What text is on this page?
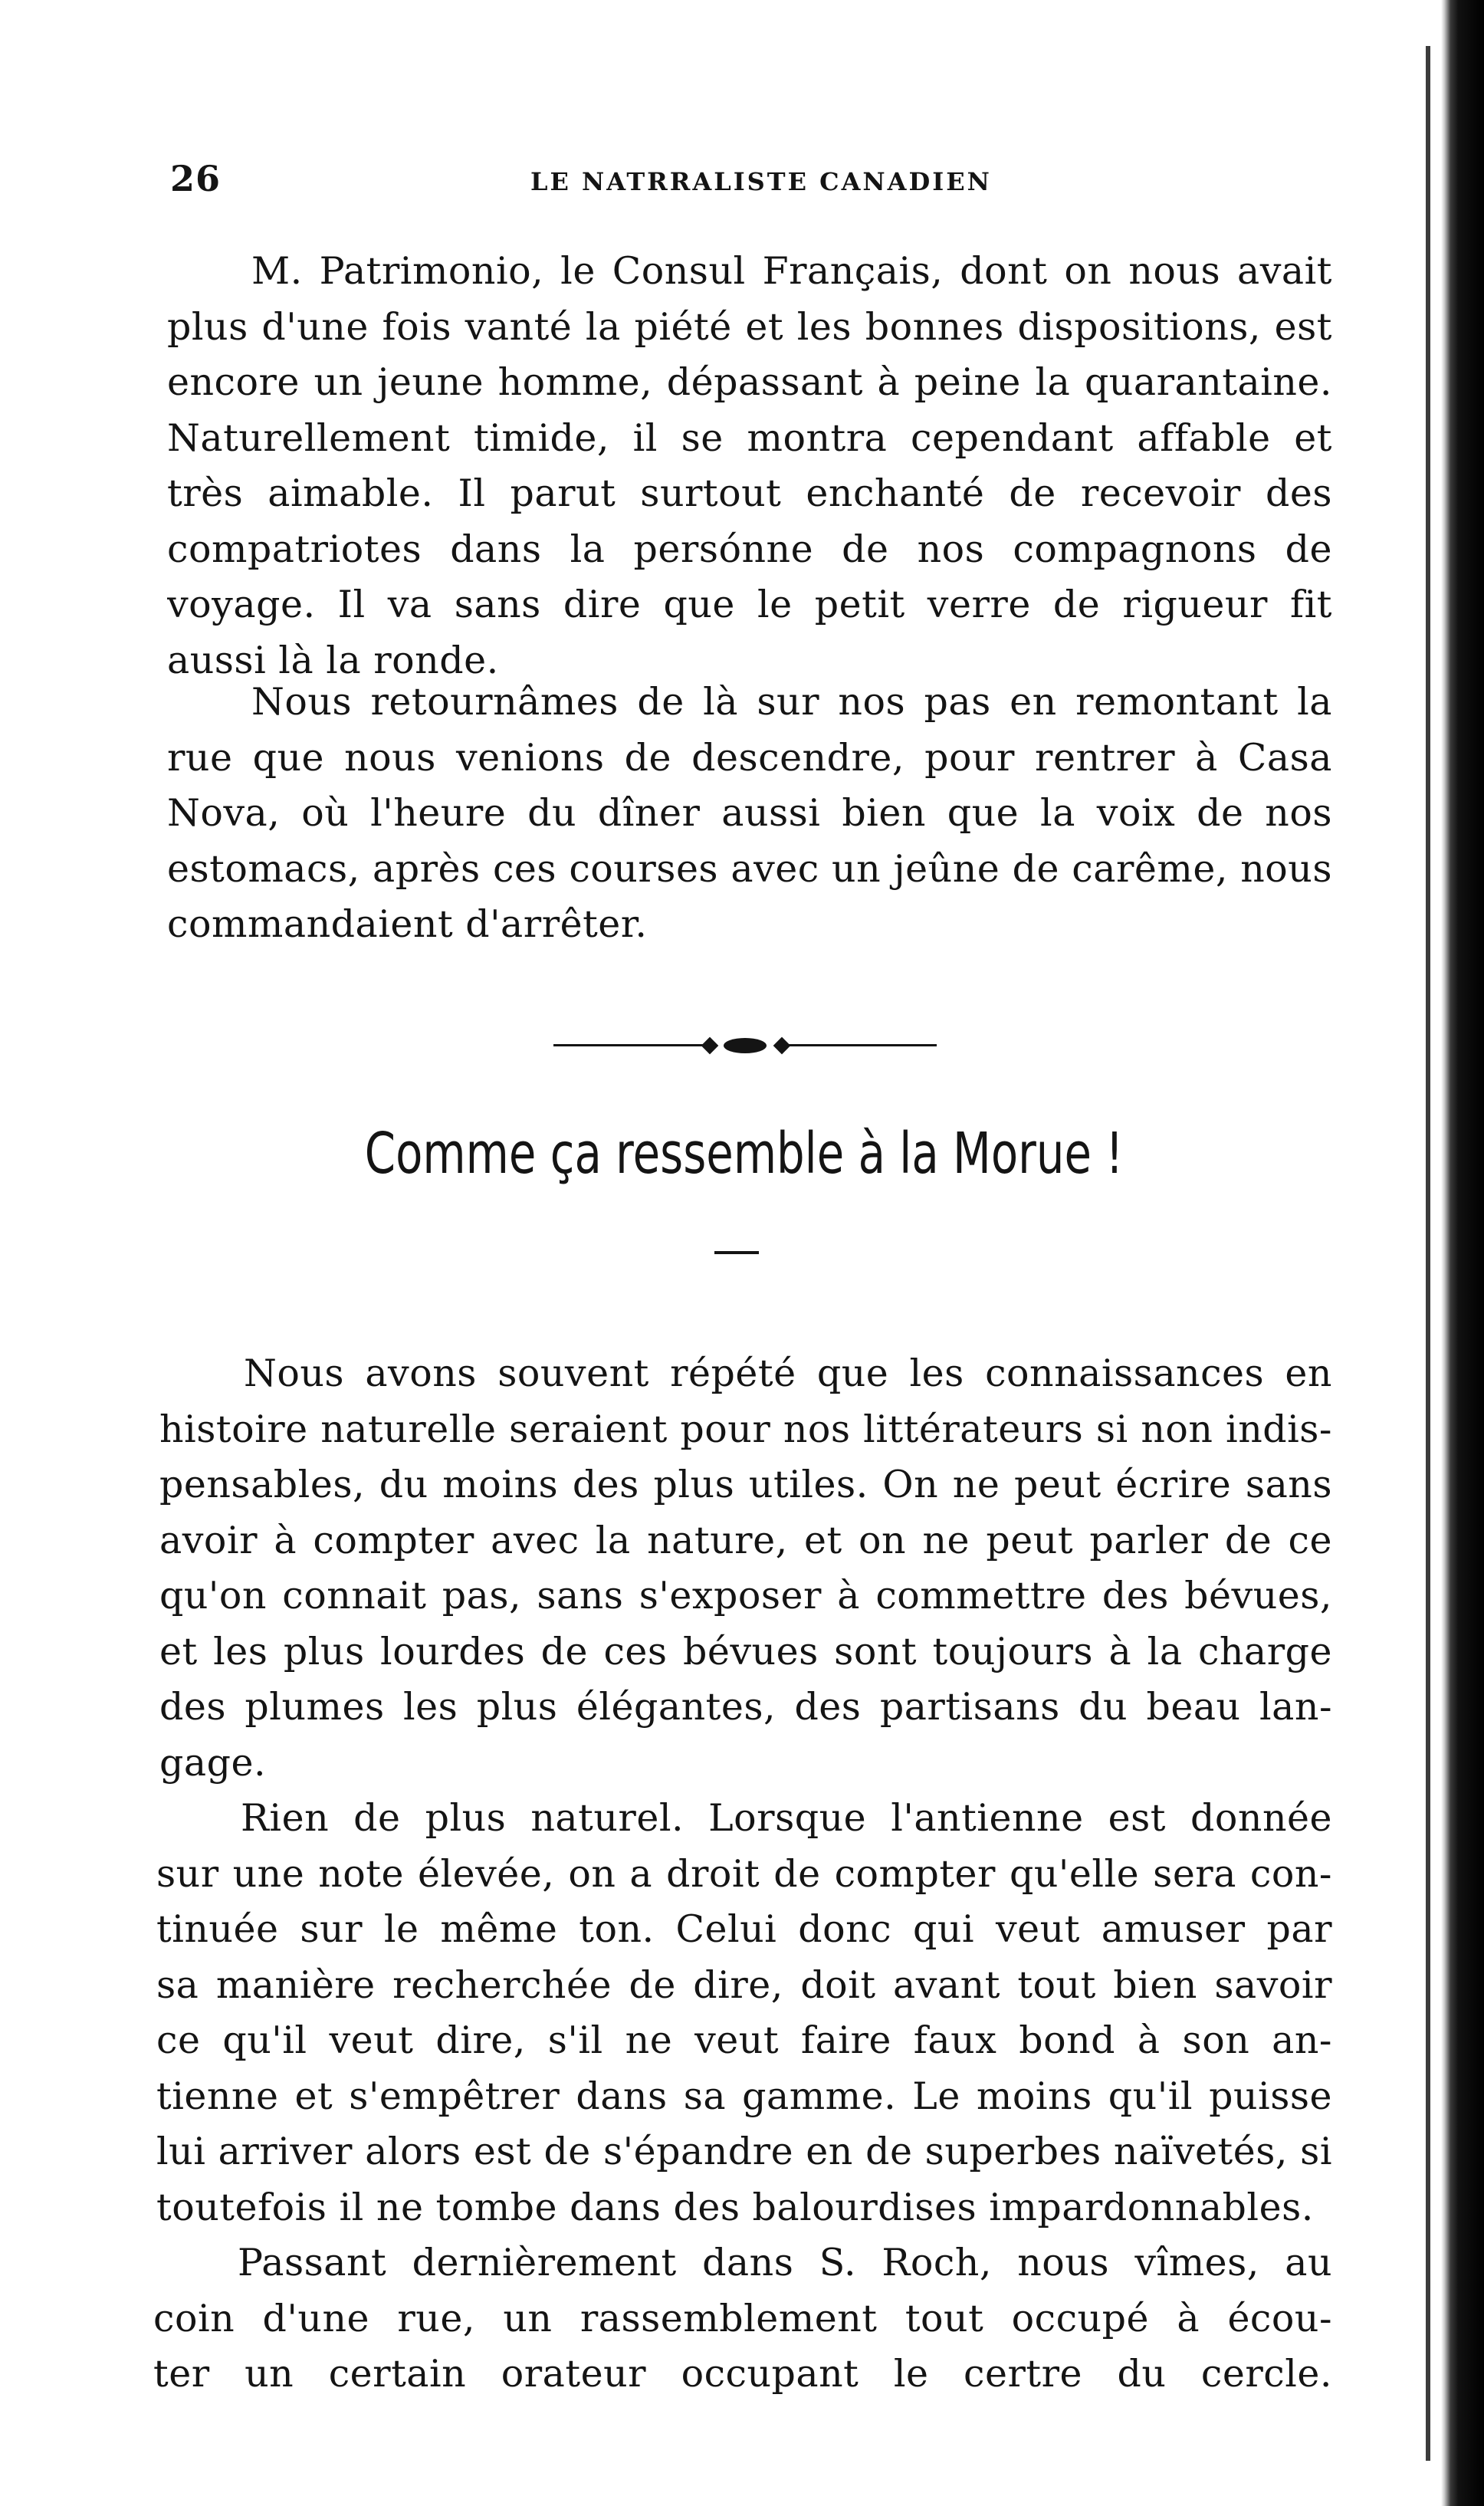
26	LE NATRRALISTE CANADIEN

M. Patrimonio, le Consul Français, dont on nous avait
plus d'une fois vanté la piété et les bonnes dispositions, est
encore un jeune homme, dépassant à peine la quarantaine.
Naturellement timide, il se montra cependant affable et
très aimable. Il parut surtout enchanté de recevoir des
compatriotes dans la persónne de nos compagnons de
voyage. Il va sans dire que le petit verre de rigueur fit
aussi là la ronde.

Nous retournâmes de là sur nos pas en remontant la
rue que nous venions de descendre, pour rentrer à Casa
Nova, où l'heure du dîner aussi bien que la voix de nos
estomacs, après ces courses avec un jeûne de carême, nous
commandaient d'arrêter.

Comme ça ressemble à la Morue !

Nous avons souvent répété que les connaissances en
histoire naturelle seraient pour nos littérateurs si non indis-
pensables, du moins des plus utiles. On ne peut écrire sans
avoir à compter avec la nature, et on ne peut parler de ce
qu'on connait pas, sans s'exposer à commettre des bévues,
et les plus lourdes de ces bévues sont toujours à la charge
des plumes les plus élégantes, des partisans du beau lan-
gage.

Rien de plus naturel. Lorsque l'antienne est donnée
sur une note élevée, on a droit de compter qu'elle sera con-
tinuée sur le même ton. Celui donc qui veut amuser par
sa manière recherchée de dire, doit avant tout bien savoir
ce qu'il veut dire, s'il ne veut faire faux bond à son an-
tienne et s'empêtrer dans sa gamme. Le moins qu'il puisse
lui arriver alors est de s'épandre en de superbes naïvetés, si
toutefois il ne tombe dans des balourdises impardonnables.

Passant dernièrement dans S. Roch, nous vîmes, au
coin d'une rue, un rassemblement tout occupé à écou-
ter un certain orateur occupant le certre du cercle.
